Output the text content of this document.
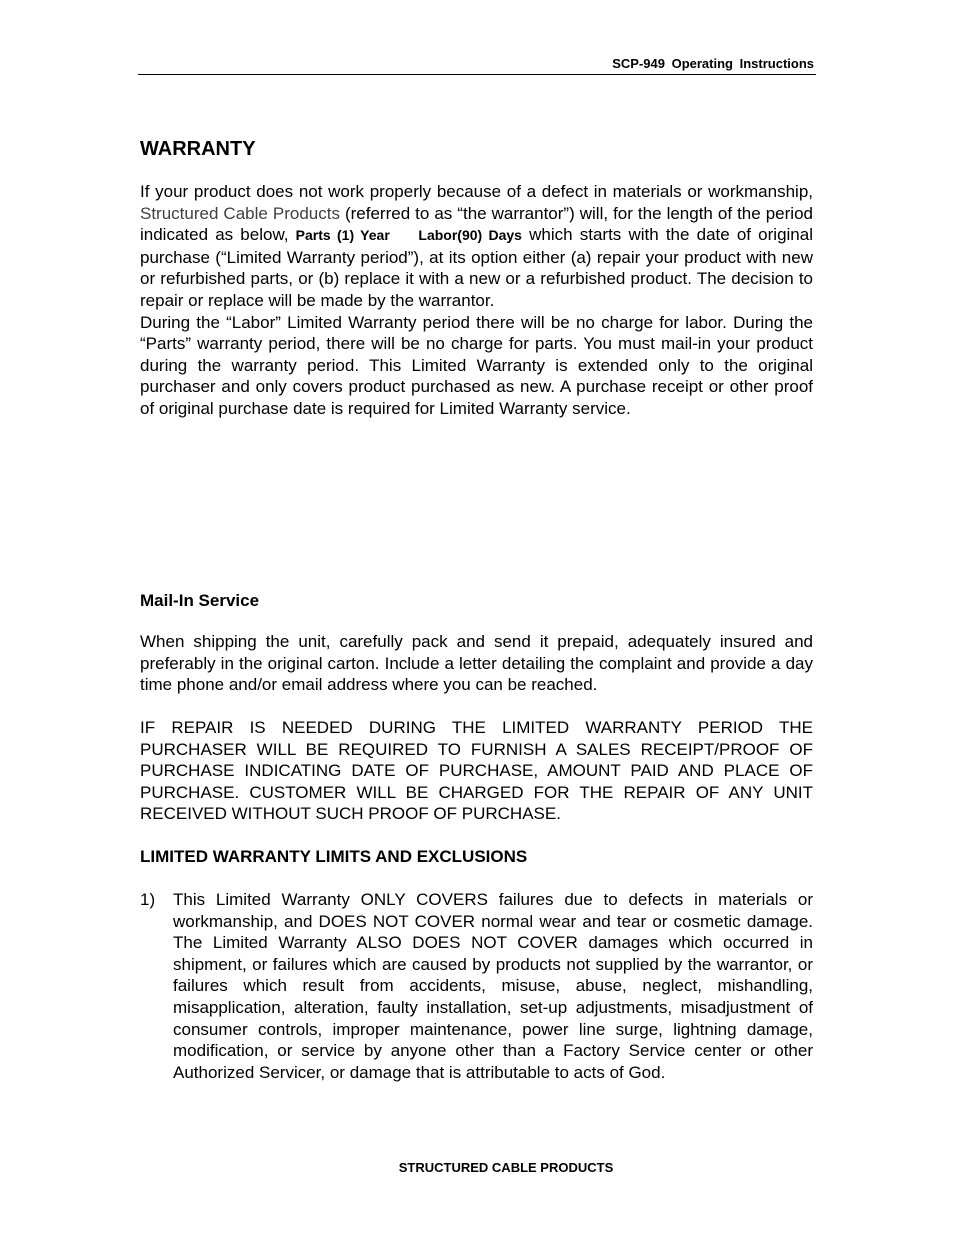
SCP-949 Operating Instructions
WARRANTY

If your product does not work properly because of a defect in materials or workmanship, Structured Cable Products (referred to as “the warrantor”) will, for the length of the period indicated as below, Parts (1) Year Labor(90) Days which starts with the date of original purchase (“Limited Warranty period”), at its option either (a) repair your product with new or refurbished parts, or (b) replace it with a new or a refurbished product. The decision to repair or replace will be made by the warrantor.

During the “Labor” Limited Warranty period there will be no charge for labor. During the “Parts” warranty period, there will be no charge for parts. You must mail-in your product during the warranty period. This Limited Warranty is extended only to the original purchaser and only covers product purchased as new. A purchase receipt or other proof of original purchase date is required for Limited Warranty service.

Mail-In Service

When shipping the unit, carefully pack and send it prepaid, adequately insured and preferably in the original carton. Include a letter detailing the complaint and provide a day time phone and/or email address where you can be reached.

IF REPAIR IS NEEDED DURING THE LIMITED WARRANTY PERIOD THE PURCHASER WILL BE REQUIRED TO FURNISH A SALES RECEIPT/PROOF OF PURCHASE INDICATING DATE OF PURCHASE, AMOUNT PAID AND PLACE OF PURCHASE. CUSTOMER WILL BE CHARGED FOR THE REPAIR OF ANY UNIT RECEIVED WITHOUT SUCH PROOF OF PURCHASE.

LIMITED WARRANTY LIMITS AND EXCLUSIONS
1) This Limited Warranty ONLY COVERS failures due to defects in materials or workmanship, and DOES NOT COVER normal wear and tear or cosmetic damage. The Limited Warranty ALSO DOES NOT COVER damages which occurred in shipment, or failures which are caused by products not supplied by the warrantor, or failures which result from accidents, misuse, abuse, neglect, mishandling, misapplication, alteration, faulty installation, set-up adjustments, misadjustment of consumer controls, improper maintenance, power line surge, lightning damage, modification, or service by anyone other than a Factory Service center or other Authorized Servicer, or damage that is attributable to acts of God.

STRUCTURED CABLE PRODUCTS
